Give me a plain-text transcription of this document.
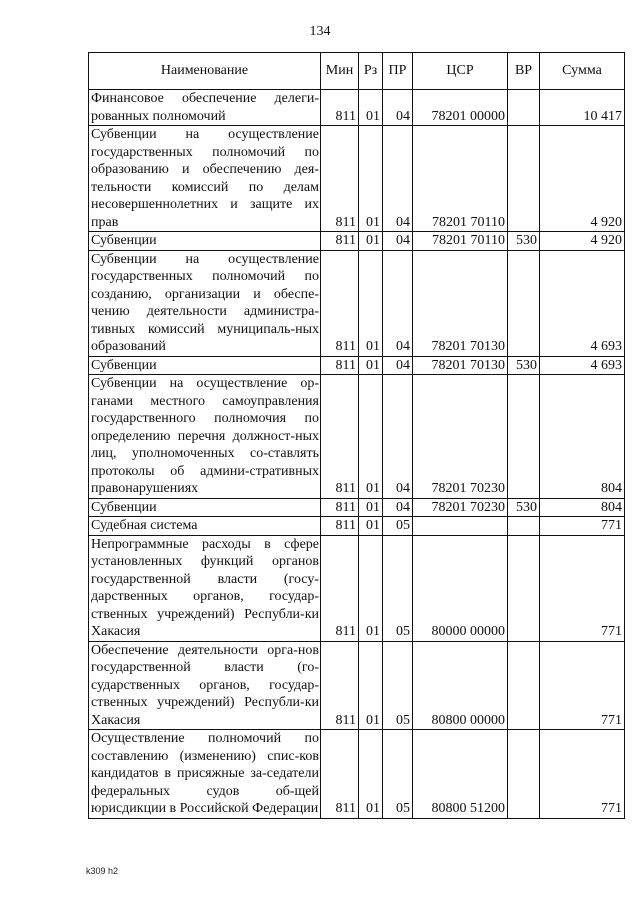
134
Наименование	Мин	Рз	ПР	ЦСР	ВР	Сумма
Финансовое обеспечение делеги-рованных полномочий	811	01	04	78201 00000		10 417
Субвенции на осуществление государственных полномочий по образованию и обеспечению дея-тельности комиссий по делам несовершеннолетних и защите их прав	811	01	04	78201 70110		4 920
Субвенции	811	01	04	78201 70110	530	4 920
Субвенции на осуществление государственных полномочий по созданию, организации и обеспе-чению деятельности администра-тивных комиссий муниципаль-ных образований	811	01	04	78201 70130		4 693
Субвенции	811	01	04	78201 70130	530	4 693
Субвенции на осуществление ор-ганами местного самоуправления государственного полномочия по определению перечня должност-ных лиц, уполномоченных со-ставлять протоколы об админи-стративных правонарушениях	811	01	04	78201 70230		804
Субвенции	811	01	04	78201 70230	530	804
Судебная система	811	01	05			771
Непрограммные расходы в сфере установленных функций органов государственной власти (госу-дарственных органов, государ-ственных учреждений) Республи-ки Хакасия	811	01	05	80000 00000		771
Обеспечение деятельности орга-нов государственной власти (го-сударственных органов, государ-ственных учреждений) Республи-ки Хакасия	811	01	05	80800 00000		771
Осуществление полномочий по составлению (изменению) спис-ков кандидатов в присяжные за-седатели федеральных судов об-щей юрисдикции в Российской Федерации	811	01	05	80800 51200		771
k309 h2
